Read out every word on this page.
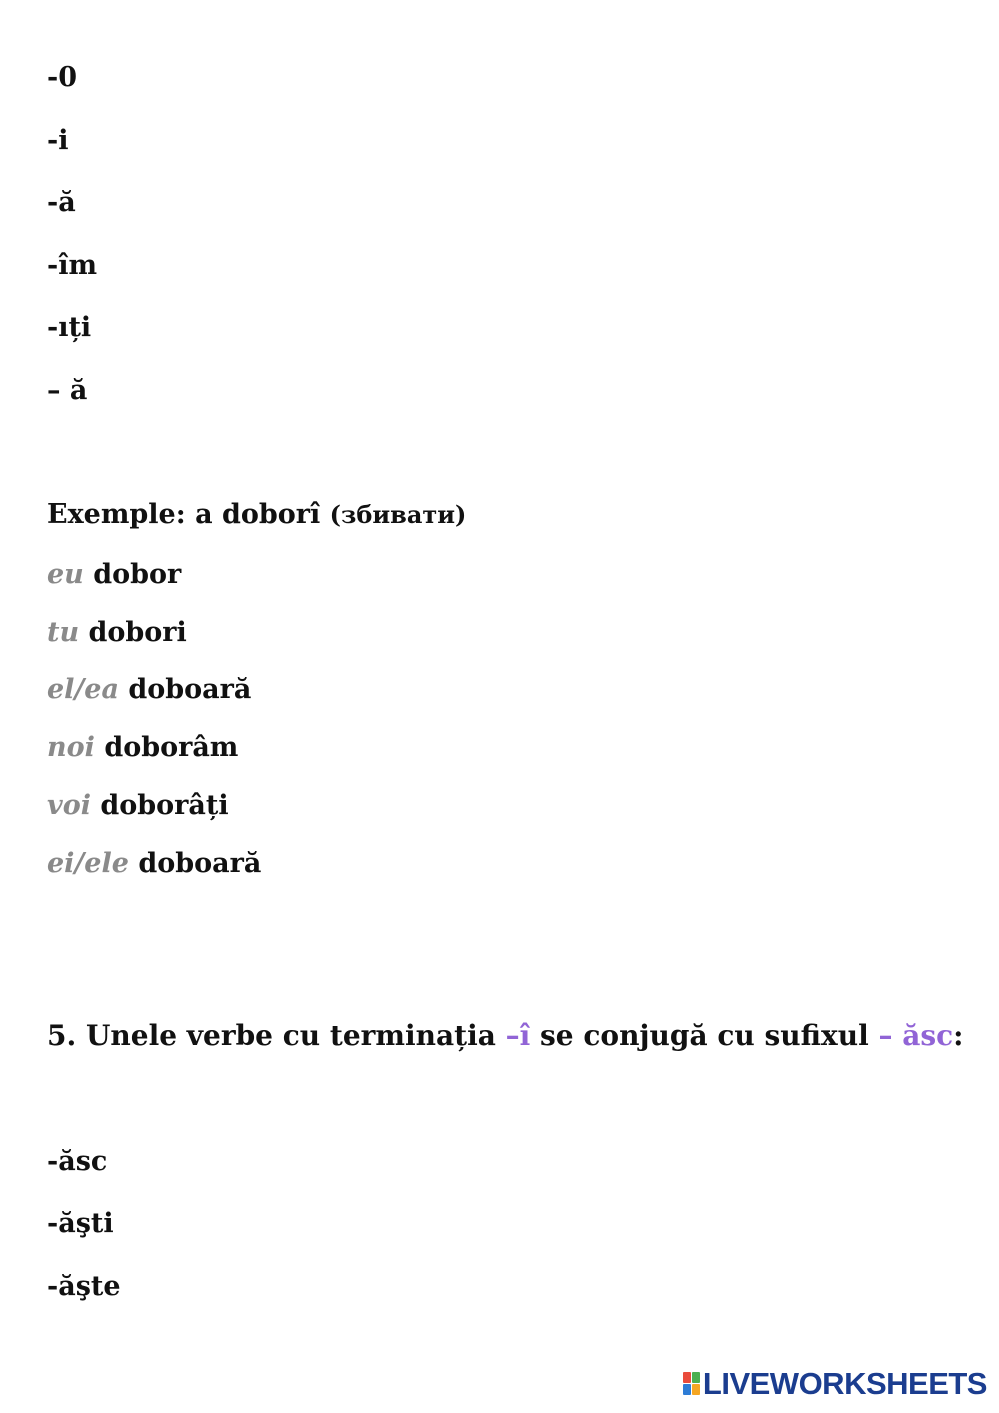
-0
-i
-ă
-îm
-ıți
– ă
Exemple: a doborî (збивати)
eu dobor
tu dobori
el/ea doboară
noi doborâm
voi doborâți
ei/ele doboară
5. Unele verbe cu terminația –î se conjugă cu sufixul – ăsc:
-ăsc
-ăşti
-ăşte
LIVEWORKSHEETS
